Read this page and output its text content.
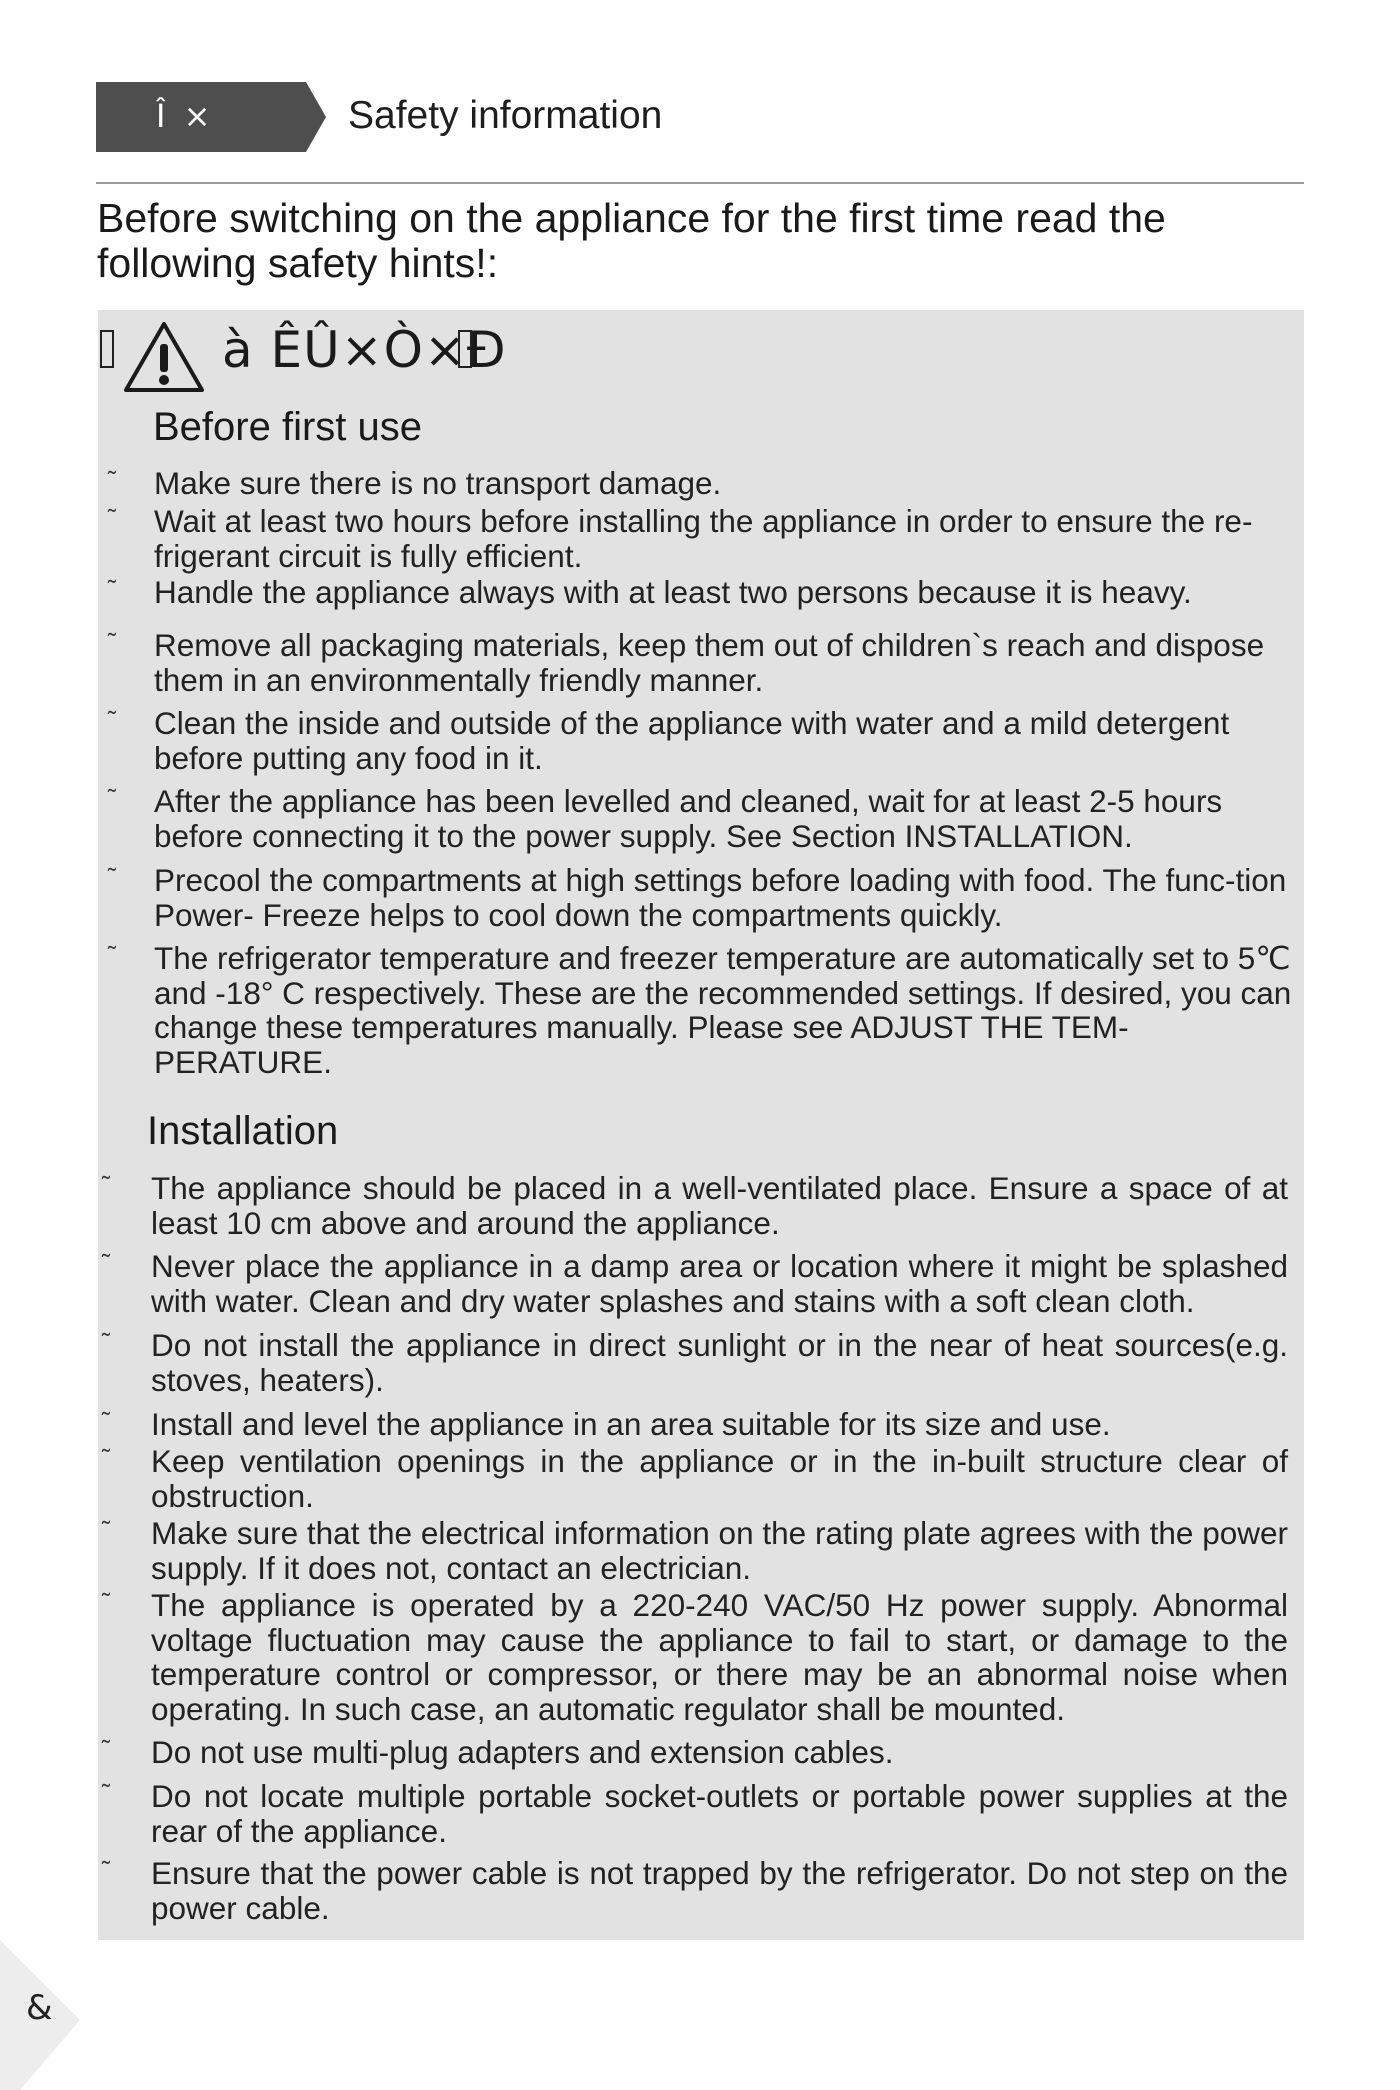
Î ×	Safety information
Before switching on the appliance for the first time read the following safety hints!:
à ÊÛ×Ò×Ð
Before first use
˜ Make sure there is no transport damage.
˜ Wait at least two hours before installing the appliance in order to ensure the re-frigerant circuit is fully efficient.
˜ Handle the appliance always with at least two persons because it is heavy.
˜ Remove all packaging materials, keep them out of children`s reach and dispose them in an environmentally friendly manner.
˜ Clean the inside and outside of the appliance with water and a mild detergent before putting any food in it.
˜ After the appliance has been levelled and cleaned, wait for at least 2-5 hours before connecting it to the power supply. See Section INSTALLATION.
˜ Precool the compartments at high settings before loading with food. The func-tion Power- Freeze helps to cool down the compartments quickly.
˜ The refrigerator temperature and freezer temperature are automatically set to 5℃ and -18° C respectively. These are the recommended settings. If desired, you can change these temperatures manually. Please see ADJUST THE TEM-PERATURE.
Installation
˜ The appliance should be placed in a well-ventilated place. Ensure a space of at least 10 cm above and around the appliance.
˜ Never place the appliance in a damp area or location where it might be splashed with water. Clean and dry water splashes and stains with a soft clean cloth.
˜ Do not install the appliance in direct sunlight or in the near of heat sources(e.g. stoves, heaters).
˜ Install and level the appliance in an area suitable for its size and use.
˜ Keep ventilation openings in the appliance or in the in-built structure clear of obstruction.
˜ Make sure that the electrical information on the rating plate agrees with the power supply. If it does not, contact an electrician.
˜ The appliance is operated by a 220-240 VAC/50 Hz power supply. Abnormal voltage fluctuation may cause the appliance to fail to start, or damage to the temperature control or compressor, or there may be an abnormal noise when operating. In such case, an automatic regulator shall be mounted.
˜ Do not use multi-plug adapters and extension cables.
˜ Do not locate multiple portable socket-outlets or portable power supplies at the rear of the appliance.
˜ Ensure that the power cable is not trapped by the refrigerator. Do not step on the power cable.
&
